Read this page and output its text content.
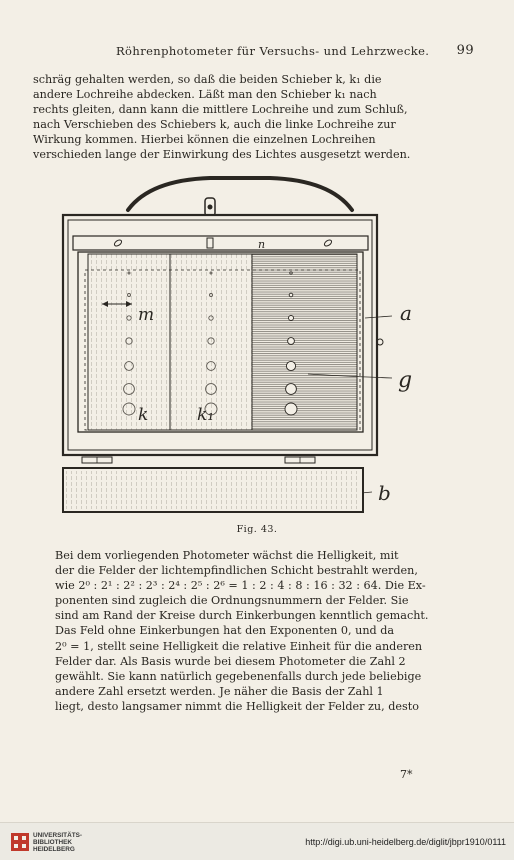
Röhrenphotometer für Versuchs- und Lehrzwecke. 99

schräg gehalten werden, so daß die beiden Schieber k, k₁ die
andere Lochreihe abdecken. Läßt man den Schieber k₁ nach
rechts gleiten, dann kann die mittlere Lochreihe und zum Schluß,
nach Verschieben des Schiebers k, auch die linke Lochreihe zur
Wirkung kommen. Hierbei können die einzelnen Lochreihen
verschieden lange der Einwirkung des Lichtes ausgesetzt werden.

n
m
k	k₁
a
g
b
Fig. 43.

Bei dem vorliegenden Photometer wächst die Helligkeit, mit
der die Felder der lichtempfindlichen Schicht bestrahlt werden,
wie 2⁰ : 2¹ : 2² : 2³ : 2⁴ : 2⁵ : 2⁶ = 1 : 2 : 4 : 8 : 16 : 32 : 64. Die Ex-
ponenten sind zugleich die Ordnungsnummern der Felder. Sie
sind am Rand der Kreise durch Einkerbungen kenntlich gemacht.
Das Feld ohne Einkerbungen hat den Exponenten 0, und da
2⁰ = 1, stellt seine Helligkeit die relative Einheit für die anderen
Felder dar. Als Basis wurde bei diesem Photometer die Zahl 2
gewählt. Sie kann natürlich gegebenenfalls durch jede beliebige
andere Zahl ersetzt werden. Je näher die Basis der Zahl 1
liegt, desto langsamer nimmt die Helligkeit der Felder zu, desto

7*
UNIVERSITÄTS-
BIBLIOTHEK
HEIDELBERG
http://digi.ub.uni-heidelberg.de/diglit/jbpr1910/0111
